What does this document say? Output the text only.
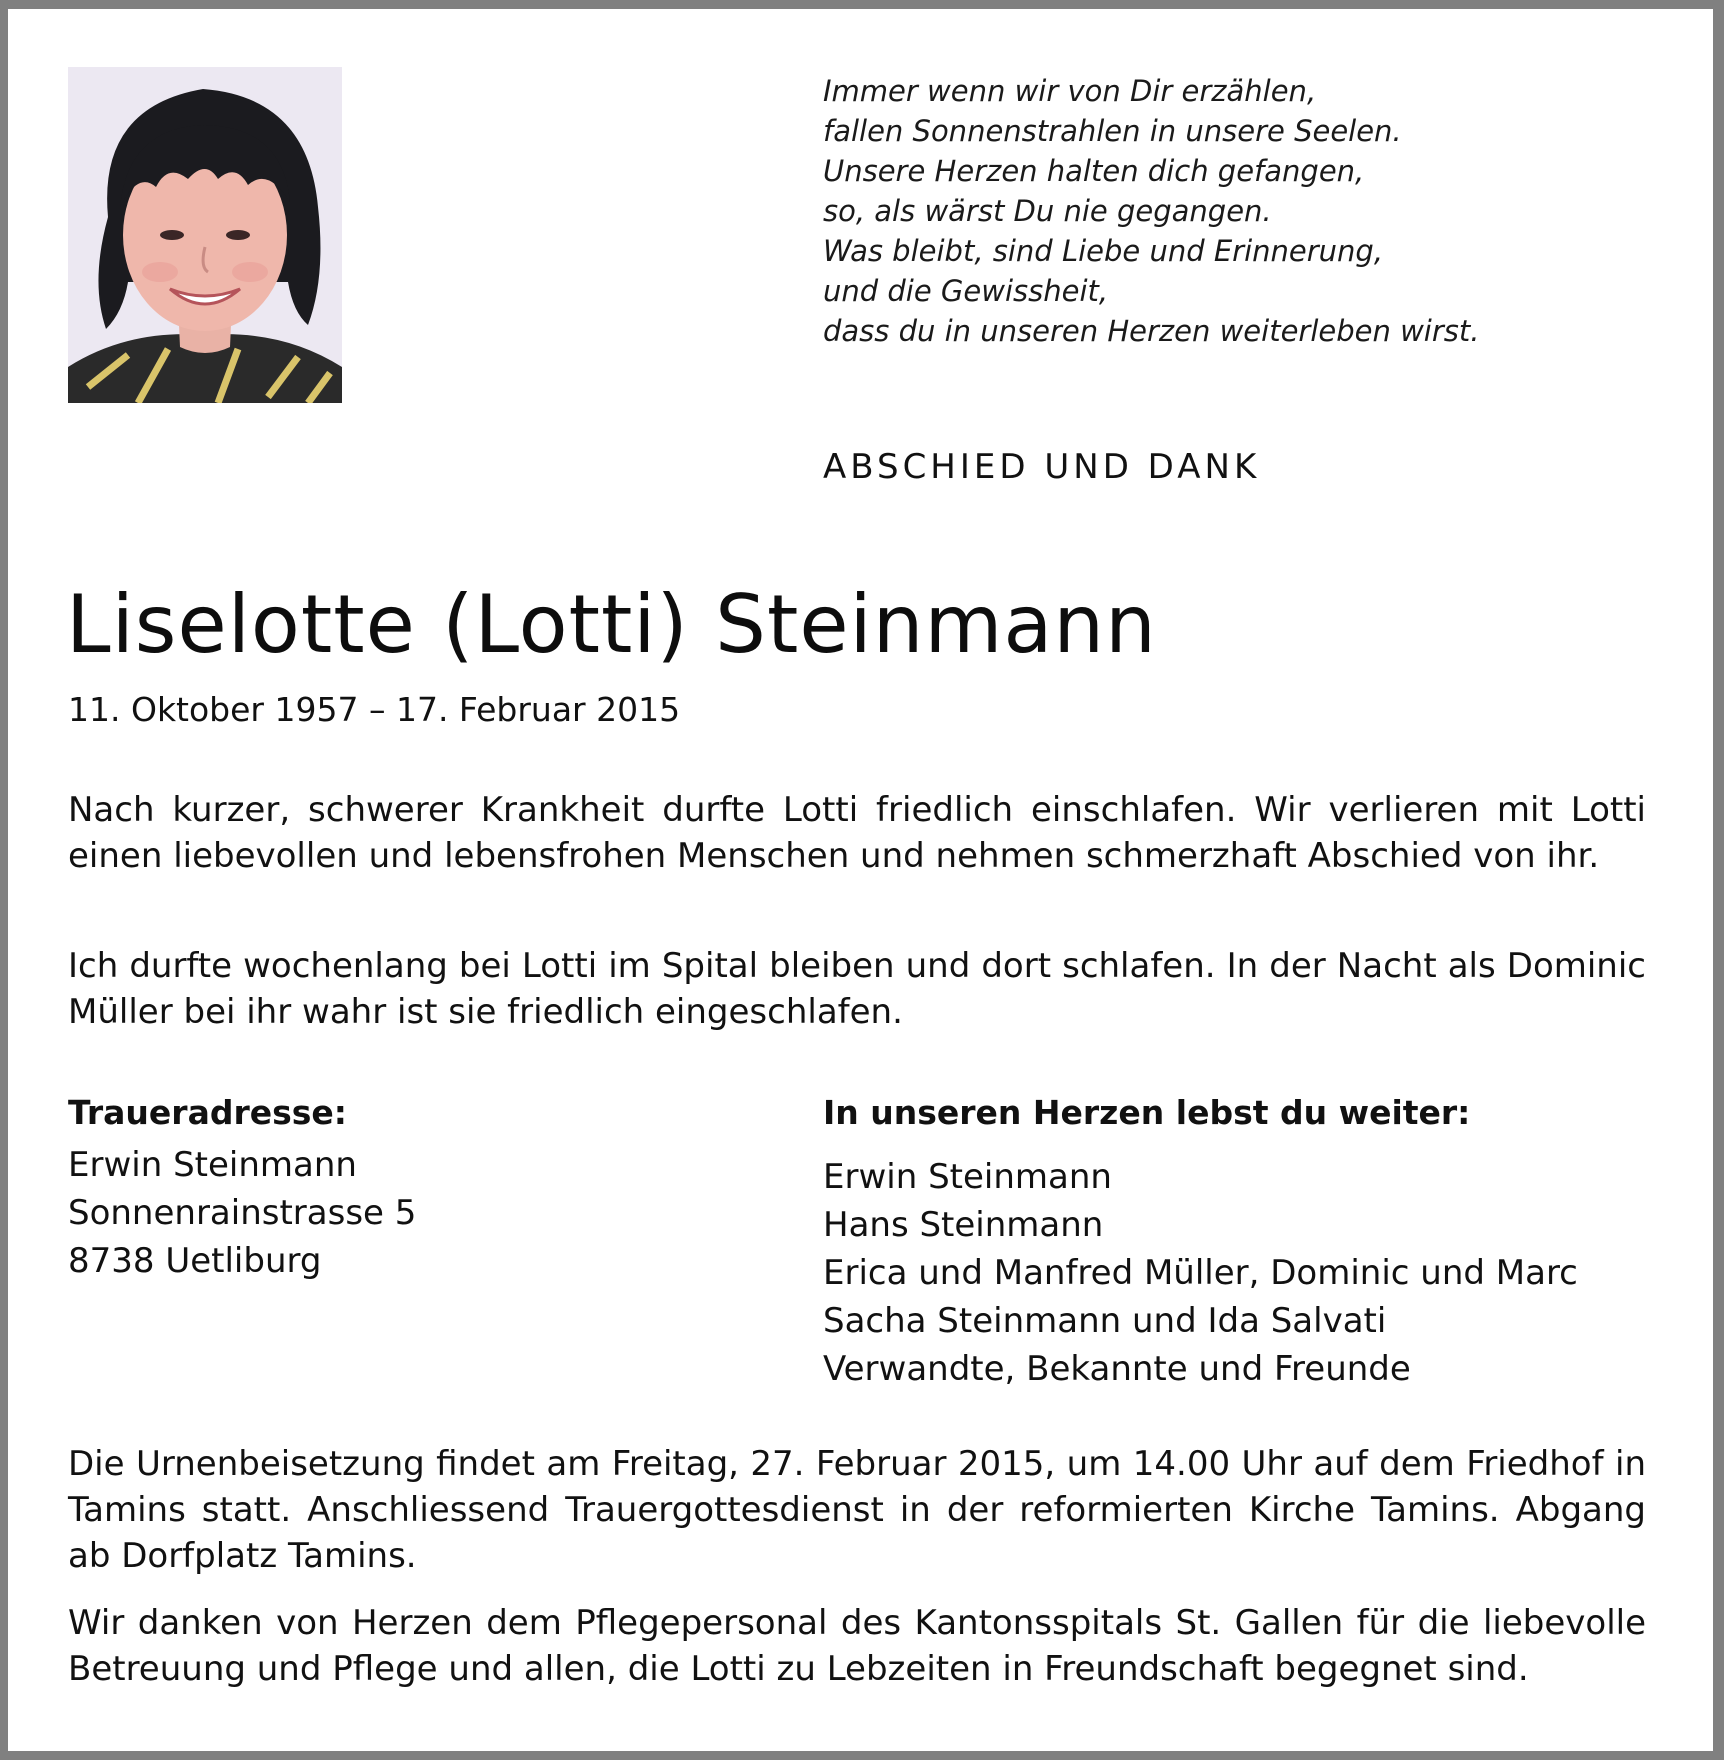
Immer wenn wir von Dir erzählen,
fallen Sonnenstrahlen in unsere Seelen.
Unsere Herzen halten dich gefangen,
so, als wärst Du nie gegangen.
Was bleibt, sind Liebe und Erinnerung,
und die Gewissheit,
dass du in unseren Herzen weiterleben wirst.
ABSCHIED UND DANK
Liselotte (Lotti) Steinmann
11. Oktober 1957 – 17. Februar 2015

Nach kurzer, schwerer Krankheit durfte Lotti friedlich einschlafen. Wir verlieren mit Lotti einen liebevollen und lebensfrohen Menschen und nehmen schmerzhaft Abschied von ihr.

Ich durfte wochenlang bei Lotti im Spital bleiben und dort schlafen. In der Nacht als Dominic Müller bei ihr wahr ist sie friedlich eingeschlafen.

Traueradresse:
Erwin Steinmann
Sonnenrainstrasse 5
8738 Uetliburg
In unseren Herzen lebst du weiter:
Erwin Steinmann
Hans Steinmann
Erica und Manfred Müller, Dominic und Marc
Sacha Steinmann und Ida Salvati
Verwandte, Bekannte und Freunde

Die Urnenbeisetzung findet am Freitag, 27. Februar 2015, um 14.00 Uhr auf dem Friedhof in Tamins statt. Anschliessend Trauergottesdienst in der reformierten Kirche Tamins. Abgang ab Dorfplatz Tamins.

Wir danken von Herzen dem Pflegepersonal des Kantonsspitals St. Gallen für die liebevolle Betreuung und Pflege und allen, die Lotti zu Lebzeiten in Freundschaft begegnet sind.
